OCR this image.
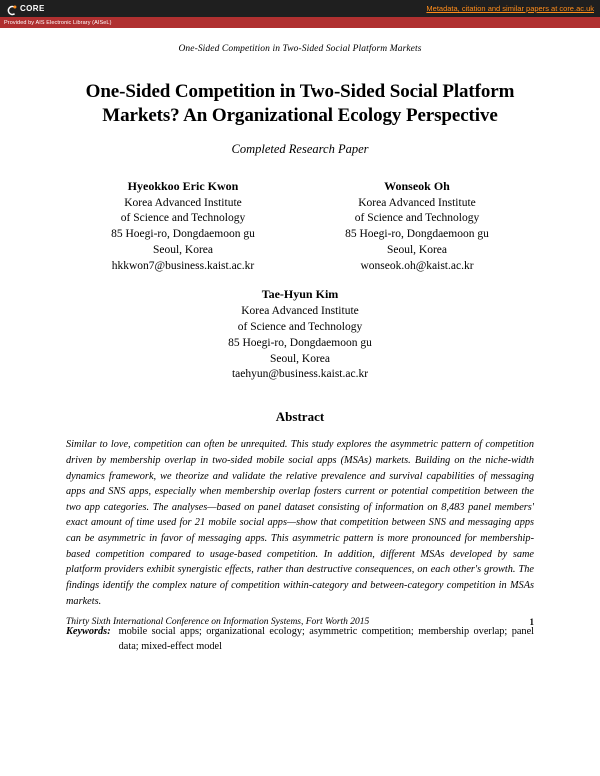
CORE	Metadata, citation and similar papers at core.ac.uk
Provided by AIS Electronic Library (AISeL)
One-Sided Competition in Two-Sided Social Platform Markets
One-Sided Competition in Two-Sided Social Platform Markets? An Organizational Ecology Perspective
Completed Research Paper
Hyeokkoo Eric Kwon
Korea Advanced Institute
of Science and Technology
85 Hoegi-ro, Dongdaemoon gu
Seoul, Korea
hkkwon7@business.kaist.ac.kr
Wonseok Oh
Korea Advanced Institute
of Science and Technology
85 Hoegi-ro, Dongdaemoon gu
Seoul, Korea
wonseok.oh@kaist.ac.kr
Tae-Hyun Kim
Korea Advanced Institute
of Science and Technology
85 Hoegi-ro, Dongdaemoon gu
Seoul, Korea
taehyun@business.kaist.ac.kr
Abstract
Similar to love, competition can often be unrequited. This study explores the asymmetric pattern of competition driven by membership overlap in two-sided mobile social apps (MSAs) markets. Building on the niche-width dynamics framework, we theorize and validate the relative prevalence and survival capabilities of messaging apps and SNS apps, especially when membership overlap fosters current or potential competition between the two app categories. The analyses—based on panel dataset consisting of information on 8,483 panel members' exact amount of time used for 21 mobile social apps—show that competition between SNS and messaging apps can be asymmetric in favor of messaging apps. This asymmetric pattern is more pronounced for membership-based competition compared to usage-based competition. In addition, different MSAs developed by same platform providers exhibit synergistic effects, rather than destructive consequences, on each other's growth. The findings identify the complex nature of competition within-category and between-category competition in MSAs markets.
Keywords: mobile social apps; organizational ecology; asymmetric competition; membership overlap; panel data; mixed-effect model
Thirty Sixth International Conference on Information Systems, Fort Worth 2015	1
